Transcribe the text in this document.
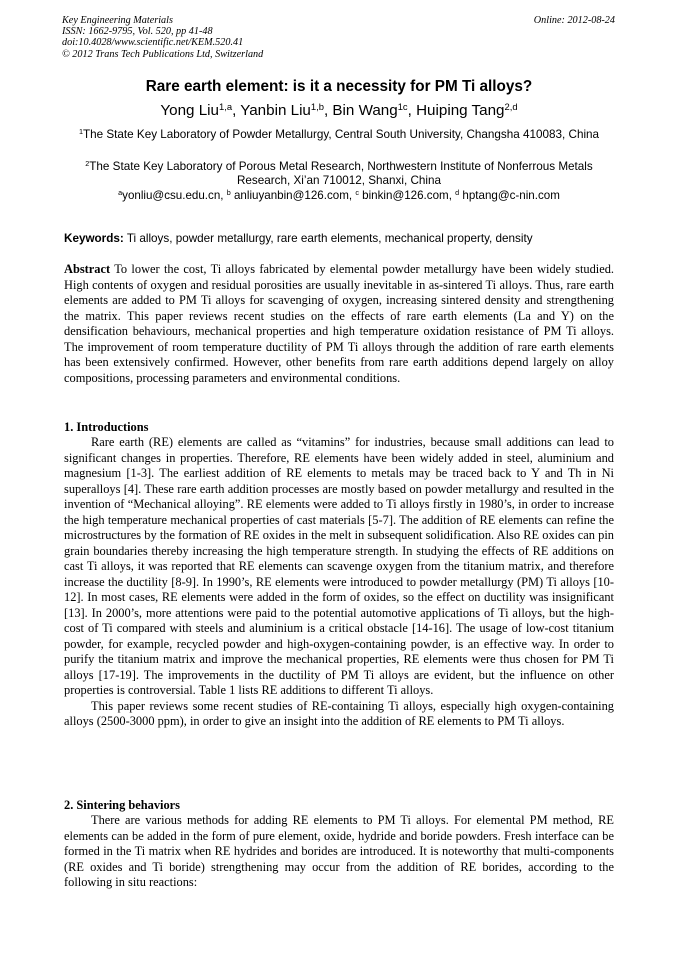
Key Engineering Materials
ISSN: 1662-9795, Vol. 520, pp 41-48
doi:10.4028/www.scientific.net/KEM.520.41
© 2012 Trans Tech Publications Ltd, Switzerland
Online: 2012-08-24
Rare earth element: is it a necessity for PM Ti alloys?
Yong Liu$^{1,a}$, Yanbin Liu$^{1,b}$, Bin Wang$^{1c}$, Huiping Tang$^{2,d}$
$^1$The State Key Laboratory of Powder Metallurgy, Central South University, Changsha 410083, China
$^2$The State Key Laboratory of Porous Metal Research, Northwestern Institute of Nonferrous Metals Research, Xi’an 710012, Shanxi, China
$^a$yonliu@csu.edu.cn, $^b$ anliuyanbin@126.com, $^c$ binkin@126.com, $^d$ hptang@c-nin.com
Keywords: Ti alloys, powder metallurgy, rare earth elements, mechanical property, density

Abstract To lower the cost, Ti alloys fabricated by elemental powder metallurgy have been widely studied. High contents of oxygen and residual porosities are usually inevitable in as-sintered Ti alloys. Thus, rare earth elements are added to PM Ti alloys for scavenging of oxygen, increasing sintered density and strengthening the matrix. This paper reviews recent studies on the effects of rare earth elements (La and Y) on the densification behaviours, mechanical properties and high temperature oxidation resistance of PM Ti alloys. The improvement of room temperature ductility of PM Ti alloys through the addition of rare earth elements has been extensively confirmed. However, other benefits from rare earth additions depend largely on alloy compositions, processing parameters and environmental conditions.

1. Introductions

Rare earth (RE) elements are called as “vitamins” for industries, because small additions can lead to significant changes in properties. Therefore, RE elements have been widely added in steel, aluminium and magnesium [1-3]. The earliest addition of RE elements to metals may be traced back to Y and Th in Ni superalloys [4]. These rare earth addition processes are mostly based on powder metallurgy and resulted in the invention of “Mechanical alloying”. RE elements were added to Ti alloys firstly in 1980’s, in order to increase the high temperature mechanical properties of cast materials [5-7]. The addition of RE elements can refine the microstructures by the formation of RE oxides in the melt in subsequent solidification. Also RE oxides can pin grain boundaries thereby increasing the high temperature strength. In studying the effects of RE additions on cast Ti alloys, it was reported that RE elements can scavenge oxygen from the titanium matrix, and therefore increase the ductility [8-9]. In 1990’s, RE elements were introduced to powder metallurgy (PM) Ti alloys [10-12]. In most cases, RE elements were added in the form of oxides, so the effect on ductility was insignificant [13]. In 2000’s, more attentions were paid to the potential automotive applications of Ti alloys, but the high-cost of Ti compared with steels and aluminium is a critical obstacle [14-16]. The usage of low-cost titanium powder, for example, recycled powder and high-oxygen-containing powder, is an effective way. In order to purify the titanium matrix and improve the mechanical properties, RE elements were thus chosen for PM Ti alloys [17-19]. The improvements in the ductility of PM Ti alloys are evident, but the influence on other properties is controversial. Table 1 lists RE additions to different Ti alloys.

This paper reviews some recent studies of RE-containing Ti alloys, especially high oxygen-containing alloys (2500-3000 ppm), in order to give an insight into the addition of RE elements to PM Ti alloys.

2. Sintering behaviors

There are various methods for adding RE elements to PM Ti alloys. For elemental PM method, RE elements can be added in the form of pure element, oxide, hydride and boride powders. Fresh interface can be formed in the Ti matrix when RE hydrides and borides are introduced. It is noteworthy that multi-components (RE oxides and Ti boride) strengthening may occur from the addition of RE borides, according to the following in situ reactions:
